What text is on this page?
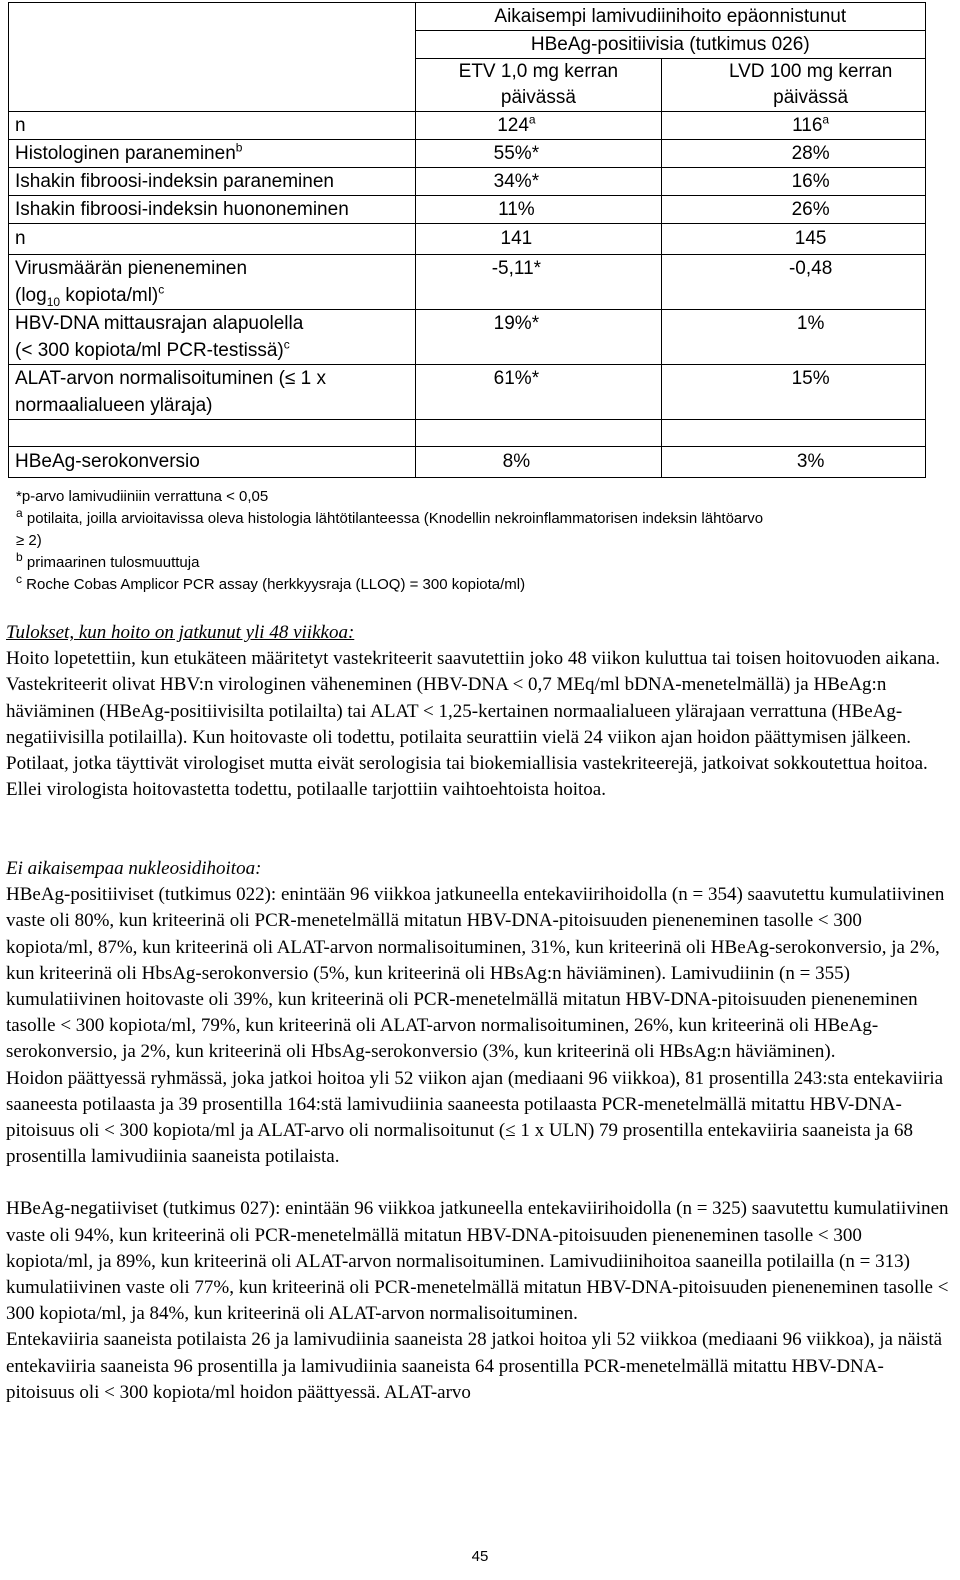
	Aikaisempi lamivudiinihoito epäonnistunut	
	HBeAg-positiivisia (tutkimus 026)	
	ETV 1,0 mg kerran päivässä	LVD 100 mg kerran päivässä

n	124$^a$	116$^a$
Histologinen paraneminen$^b$	55%*	28%
Ishakin fibroosi-indeksin paraneminen	34%*	16%
Ishakin fibroosi-indeksin huononeminen	11%	26%
n	141	145
Virusmäärän pieneneminen
($\log_{10}$ kopiota/ml)$^c$	-5,11*	-0,48
HBV-DNA mittausrajan alapuolella
(< 300 kopiota/ml PCR-testissä)$^c$	19%*	1%
ALAT-arvon normalisoituminen (≤ 1 x
normaalialueen yläraja)	61%*	15%

HBeAg-serokonversio	8%	3%
*p-arvo lamivudiiniin verrattuna < 0,05
$^a$ potilaita, joilla arvioitavissa oleva histologia lähtötilanteessa (Knodellin nekroinflammatorisen indeksin lähtöarvo
≥ 2)
$^b$ primaarinen tulosmuuttuja
$^c$ Roche Cobas Amplicor PCR assay (herkkyysraja (LLOQ) = 300 kopiota/ml)

Tulokset, kun hoito on jatkunut yli 48 viikkoa:

Hoito lopetettiin, kun etukäteen määritetyt vastekriteerit saavutettiin joko 48 viikon kuluttua tai toisen hoitovuoden aikana. Vastekriteerit olivat HBV:n virologinen väheneminen (HBV-DNA < 0,7 MEq/ml bDNA-menetelmällä) ja HBeAg:n häviäminen (HBeAg-positiivisilta potilailta) tai ALAT < 1,25-kertainen normaalialueen ylärajaan verrattuna (HBeAg-negatiivisilla potilailla). Kun hoitovaste oli todettu, potilaita seurattiin vielä 24 viikon ajan hoidon päättymisen jälkeen. Potilaat, jotka täyttivät virologiset mutta eivät serologisia tai biokemiallisia vastekriteerejä, jatkoivat sokkoutettua hoitoa. Ellei virologista hoitovastetta todettu, potilaalle tarjottiin vaihtoehtoista hoitoa.

Ei aikaisempaa nukleosidihoitoa:

HBeAg-positiiviset (tutkimus 022): enintään 96 viikkoa jatkuneella entekaviirihoidolla (n = 354) saavutettu kumulatiivinen vaste oli 80%, kun kriteerinä oli PCR-menetelmällä mitatun HBV-DNA-pitoisuuden pieneneminen tasolle < 300 kopiota/ml, 87%, kun kriteerinä oli ALAT-arvon normalisoituminen, 31%, kun kriteerinä oli HBeAg-serokonversio, ja 2%, kun kriteerinä oli HbsAg-serokonversio (5%, kun kriteerinä oli HBsAg:n häviäminen). Lamivudiinin (n = 355) kumulatiivinen hoitovaste oli 39%, kun kriteerinä oli PCR-menetelmällä mitatun HBV-DNA-pitoisuuden pieneneminen tasolle < 300 kopiota/ml, 79%, kun kriteerinä oli ALAT-arvon normalisoituminen, 26%, kun kriteerinä oli HBeAg-serokonversio, ja 2%, kun kriteerinä oli HbsAg-serokonversio (3%, kun kriteerinä oli HBsAg:n häviäminen).

Hoidon päättyessä ryhmässä, joka jatkoi hoitoa yli 52 viikon ajan (mediaani 96 viikkoa), 81 prosentilla 243:sta entekaviiria saaneesta potilaasta ja 39 prosentilla 164:stä lamivudiinia saaneesta potilaasta PCR-menetelmällä mitattu HBV-DNA-pitoisuus oli < 300 kopiota/ml ja ALAT-arvo oli normalisoitunut (≤ 1 x ULN) 79 prosentilla entekaviiria saaneista ja 68 prosentilla lamivudiinia saaneista potilaista.

HBeAg-negatiiviset (tutkimus 027): enintään 96 viikkoa jatkuneella entekaviirihoidolla (n = 325) saavutettu kumulatiivinen vaste oli 94%, kun kriteerinä oli PCR-menetelmällä mitatun HBV-DNA-pitoisuuden pieneneminen tasolle < 300 kopiota/ml, ja 89%, kun kriteerinä oli ALAT-arvon normalisoituminen. Lamivudiinihoitoa saaneilla potilailla (n = 313) kumulatiivinen vaste oli 77%, kun kriteerinä oli PCR-menetelmällä mitatun HBV-DNA-pitoisuuden pieneneminen tasolle < 300 kopiota/ml, ja 84%, kun kriteerinä oli ALAT-arvon normalisoituminen.

Entekaviiria saaneista potilaista 26 ja lamivudiinia saaneista 28 jatkoi hoitoa yli 52 viikkoa (mediaani 96 viikkoa), ja näistä entekaviiria saaneista 96 prosentilla ja lamivudiinia saaneista 64 prosentilla PCR-menetelmällä mitattu HBV-DNA-pitoisuus oli < 300 kopiota/ml hoidon päättyessä. ALAT-arvo

45
